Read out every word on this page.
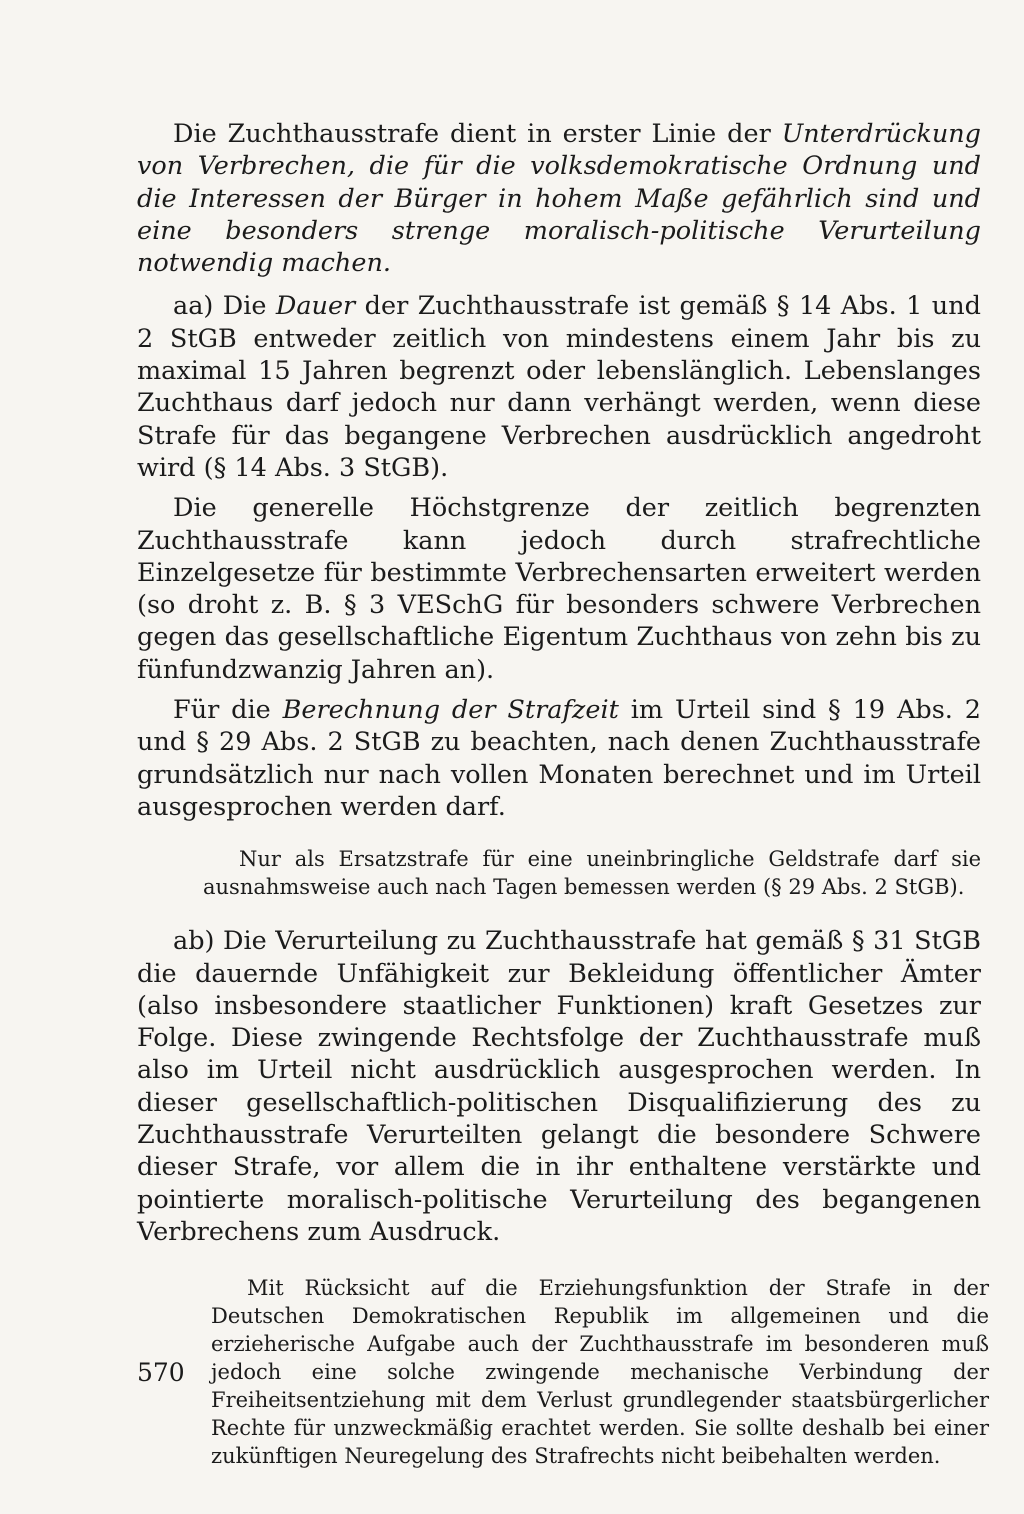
Die Zuchthausstrafe dient in erster Linie der Unterdrückung von Verbrechen, die für die volksdemokratische Ordnung und die Interessen der Bürger in hohem Maße gefährlich sind und eine besonders strenge moralisch-politische Verurteilung notwendig machen.

aa) Die Dauer der Zuchthausstrafe ist gemäß § 14 Abs. 1 und 2 StGB entweder zeitlich von mindestens einem Jahr bis zu maximal 15 Jahren begrenzt oder lebenslänglich. Lebenslanges Zuchthaus darf jedoch nur dann verhängt werden, wenn diese Strafe für das begangene Verbrechen ausdrücklich angedroht wird (§ 14 Abs. 3 StGB).

Die generelle Höchstgrenze der zeitlich begrenzten Zuchthausstrafe kann jedoch durch strafrechtliche Einzelgesetze für bestimmte Verbrechensarten erweitert werden (so droht z. B. § 3 VESchG für besonders schwere Verbrechen gegen das gesellschaftliche Eigentum Zuchthaus von zehn bis zu fünfundzwanzig Jahren an).

Für die Berechnung der Strafzeit im Urteil sind § 19 Abs. 2 und § 29 Abs. 2 StGB zu beachten, nach denen Zuchthausstrafe grundsätzlich nur nach vollen Monaten berechnet und im Urteil ausgesprochen werden darf.

Nur als Ersatzstrafe für eine uneinbringliche Geldstrafe darf sie ausnahmsweise auch nach Tagen bemessen werden (§ 29 Abs. 2 StGB).

ab) Die Verurteilung zu Zuchthausstrafe hat gemäß § 31 StGB die dauernde Unfähigkeit zur Bekleidung öffentlicher Ämter (also insbesondere staatlicher Funktionen) kraft Gesetzes zur Folge. Diese zwingende Rechtsfolge der Zuchthausstrafe muß also im Urteil nicht ausdrücklich ausgesprochen werden. In dieser gesellschaftlich-politischen Disqualifizierung des zu Zuchthausstrafe Verurteilten gelangt die besondere Schwere dieser Strafe, vor allem die in ihr enthaltene verstärkte und pointierte moralisch-politische Verurteilung des begangenen Verbrechens zum Ausdruck.

Mit Rücksicht auf die Erziehungsfunktion der Strafe in der Deutschen Demokratischen Republik im allgemeinen und die erzieherische Aufgabe auch der Zuchthausstrafe im besonderen muß jedoch eine solche zwingende mechanische Verbindung der Freiheitsentziehung mit dem Verlust grundlegender staatsbürgerlicher Rechte für unzweckmäßig erachtet werden. Sie sollte deshalb bei einer zukünftigen Neuregelung des Strafrechts nicht beibehalten werden.

570
